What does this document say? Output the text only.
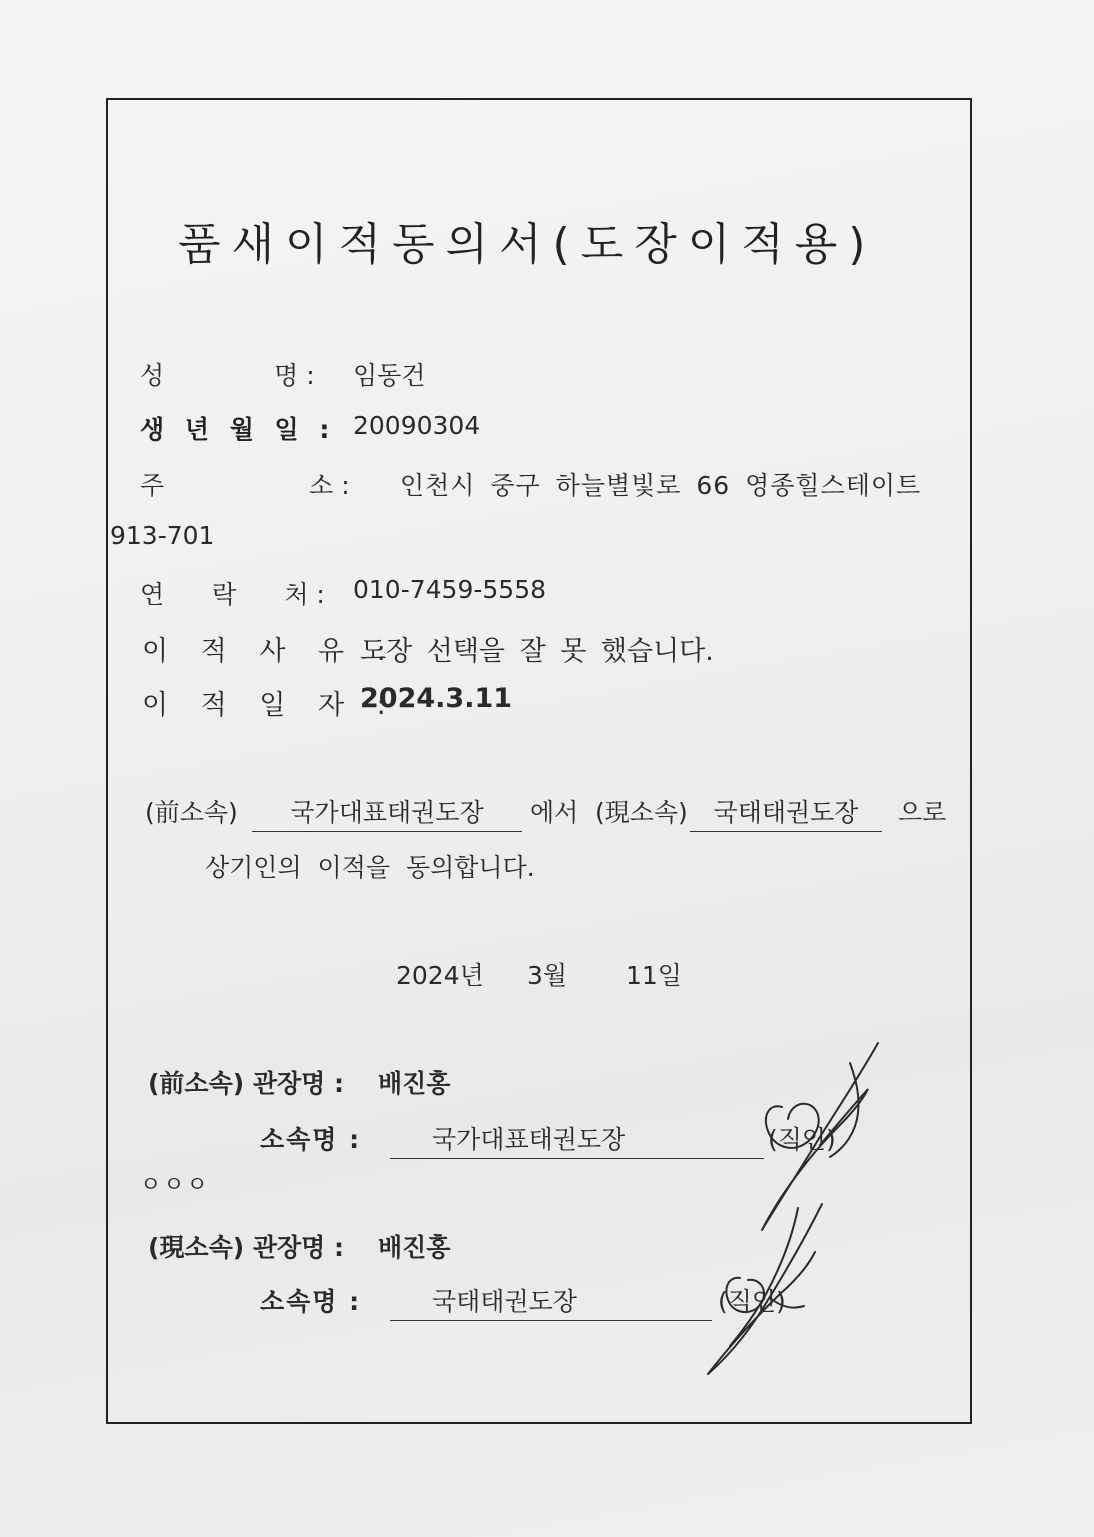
품새이적동의서(도장이적용)
성	명 : 임동건
생 년 월 일 : 20090304
주	소 : 인천시 중구 하늘별빛로 66 영종힐스테이트
913-701
연 락 처 : 010-7459-5558
이 적 사 유 :
도장 선택을 잘 못 했습니다.
이 적 일 자 :
2024.3.11
(前소속)	국가대표태권도장	에서 (現소속)	국태태권도장	으로
상기인의 이적을 동의합니다.
2024년 3월 11일
(前소속) 관장명 : 배진홍
소속명 :	국가대표태권도장	(직인)
ㅇㅇㅇ
(現소속) 관장명 : 배진홍
소속명 :	국태태권도장	(직인)
